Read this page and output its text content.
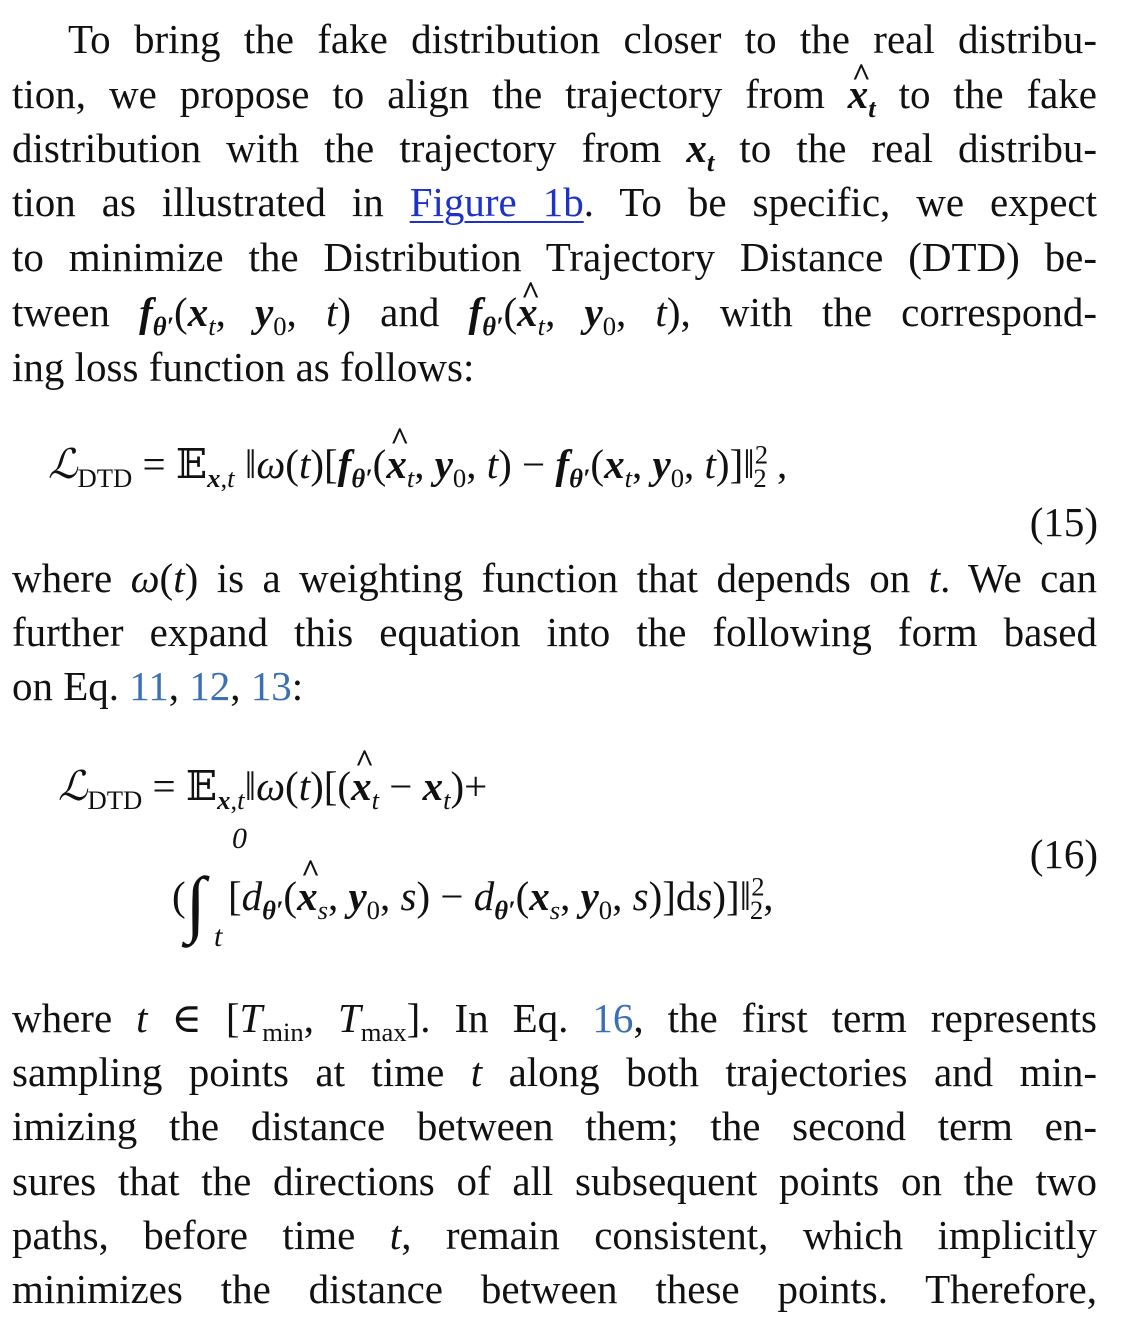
To bring the fake distribution closer to the real distribu-
tion, we propose to align the trajectory from x $\^{}_t$ to the fake
distribution with the trajectory from $x_t$ to the real distribu-
tion as illustrated in Figure 1b. To be specific, we expect
to minimize the Distribution Trajectory Distance (DTD) be-
tween $f_{\theta'}(x_t$, $y_0$, t) and $f_{\theta'}(x$ $\^{}_t$, $y_0$, t), with the correspond-
ing loss function as follows:
ℒ$_{DTD}$ = 𝔼$_{x,t}$ $‖\omega(t)[f_{\theta'}(x$ $\^{}_t$, $y_0$, $t) - f_{\theta'}(x_t$, $y_0$, t)]‖$^2_2$ ,
(15)
where ω(t) is a weighting function that depends on t. We can
further expand this equation into the following form based
on Eq. 11, 12, 13:
ℒ$_{DTD}$ = 𝔼$_{x,t}$‖ω(t)[(x $\^{}_t - x_t)+$
(∫ [$d_{\theta'}(x$ $\^{}_s$, $y_0$, $s) - d_{\theta'}(x_s$, $y_0$, s)]ds)]‖$^2_2$,
0
t
(16)
where t ∈ [$T_{min}$, $T_{max}$]. In Eq. 16, the first term represents
sampling points at time t along both trajectories and min-
imizing the distance between them; the second term en-
sures that the directions of all subsequent points on the two
paths, before time t, remain consistent, which implicitly
minimizes the distance between these points. Therefore,
